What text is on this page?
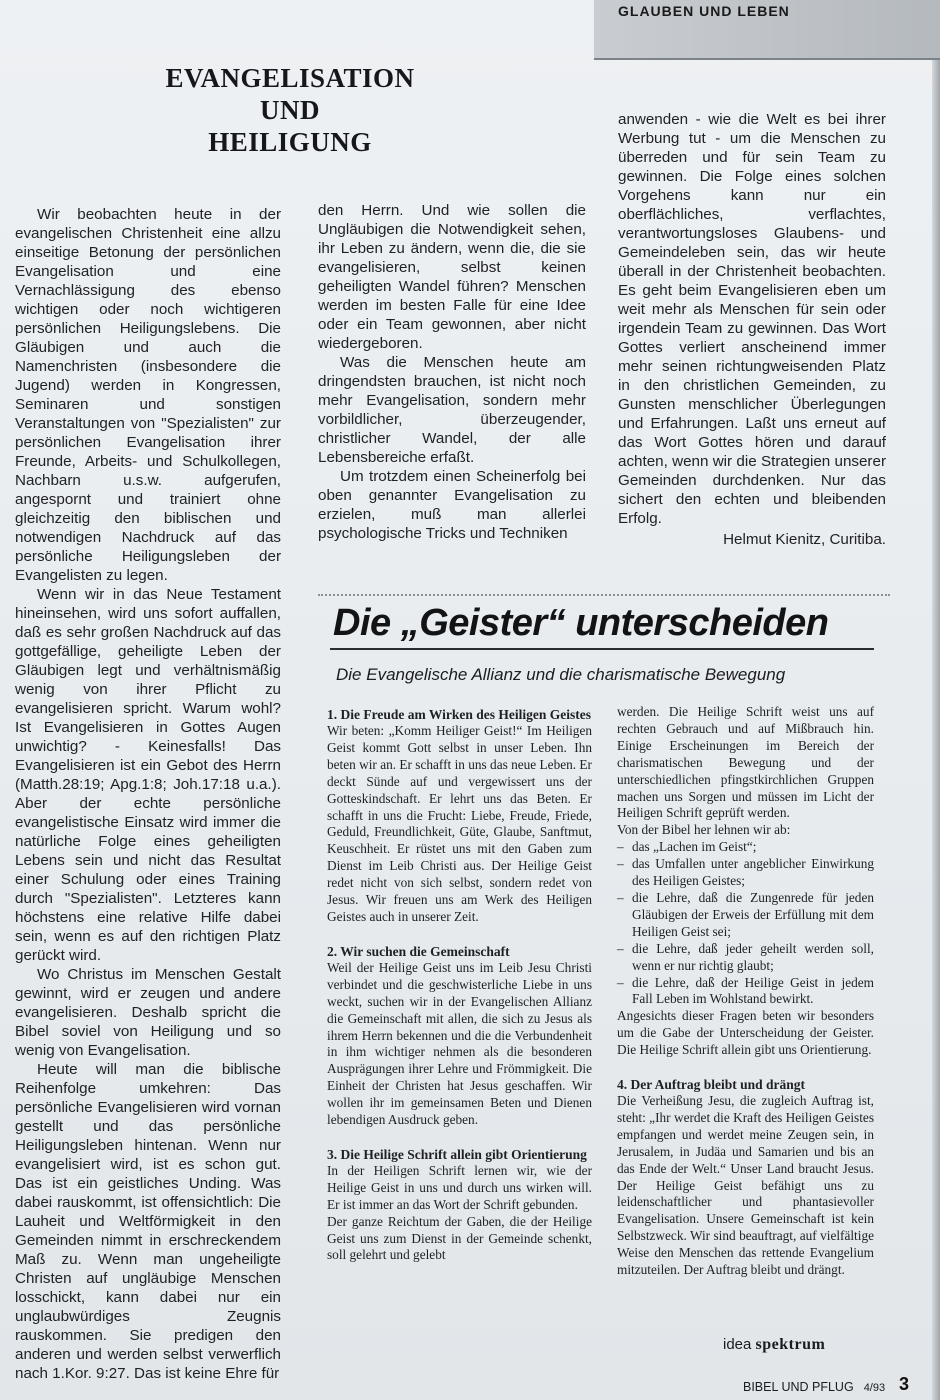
GLAUBEN UND LEBEN
EVANGELISATION
UND
HEILIGUNG

Wir beobachten heute in der evangelischen Christenheit eine allzu einseitige Betonung der persönlichen Evangelisation und eine Vernachlässigung des ebenso wichtigen oder noch wichtigeren persönlichen Heiligungslebens. Die Gläubigen und auch die Namenchristen (insbesondere die Jugend) werden in Kongressen, Seminaren und sonstigen Veranstaltungen von "Spezialisten" zur persönlichen Evangelisation ihrer Freunde, Arbeits- und Schulkollegen, Nachbarn u.s.w. aufgerufen, angespornt und trainiert ohne gleichzeitig den biblischen und notwendigen Nachdruck auf das persönliche Heiligungsleben der Evangelisten zu legen.

Wenn wir in das Neue Testament hineinsehen, wird uns sofort auffallen, daß es sehr großen Nachdruck auf das gottgefällige, geheiligte Leben der Gläubigen legt und verhältnismäßig wenig von ihrer Pflicht zu evangelisieren spricht. Warum wohl? Ist Evangelisieren in Gottes Augen unwichtig? - Keinesfalls! Das Evangelisieren ist ein Gebot des Herrn (Matth.28:19; Apg.1:8; Joh.17:18 u.a.). Aber der echte persönliche evangelistische Einsatz wird immer die natürliche Folge eines geheiligten Lebens sein und nicht das Resultat einer Schulung oder eines Training durch "Spezialisten". Letzteres kann höchstens eine relative Hilfe dabei sein, wenn es auf den richtigen Platz gerückt wird.

Wo Christus im Menschen Gestalt gewinnt, wird er zeugen und andere evangelisieren. Deshalb spricht die Bibel soviel von Heiligung und so wenig von Evangelisation.

Heute will man die biblische Reihenfolge umkehren: Das persönliche Evangelisieren wird vornan gestellt und das persönliche Heiligungsleben hintenan. Wenn nur evangelisiert wird, ist es schon gut. Das ist ein geistliches Unding. Was dabei rauskommt, ist offensichtlich: Die Lauheit und Weltförmigkeit in den Gemeinden nimmt in erschreckendem Maß zu. Wenn man ungeheiligte Christen auf ungläubige Menschen losschickt, kann dabei nur ein unglaubwürdiges Zeugnis rauskommen. Sie predigen den anderen und werden selbst verwerflich nach 1.Kor. 9:27. Das ist keine Ehre für

den Herrn. Und wie sollen die Ungläubigen die Notwendigkeit sehen, ihr Leben zu ändern, wenn die, die sie evangelisieren, selbst keinen geheiligten Wandel führen? Menschen werden im besten Falle für eine Idee oder ein Team gewonnen, aber nicht wiedergeboren.

Was die Menschen heute am dringendsten brauchen, ist nicht noch mehr Evangelisation, sondern mehr vorbildlicher, überzeugender, christlicher Wandel, der alle Lebensbereiche erfaßt.

Um trotzdem einen Scheinerfolg bei oben genannter Evangelisation zu erzielen, muß man allerlei psychologische Tricks und Techniken

anwenden - wie die Welt es bei ihrer Werbung tut - um die Menschen zu überreden und für sein Team zu gewinnen. Die Folge eines solchen Vorgehens kann nur ein oberflächliches, verflachtes, verantwortungsloses Glaubens- und Gemeindeleben sein, das wir heute überall in der Christenheit beobachten. Es geht beim Evangelisieren eben um weit mehr als Menschen für sein oder irgendein Team zu gewinnen. Das Wort Gottes verliert anscheinend immer mehr seinen richtungweisenden Platz in den christlichen Gemeinden, zu Gunsten menschlicher Überlegungen und Erfahrungen. Laßt uns erneut auf das Wort Gottes hören und darauf achten, wenn wir die Strategien unserer Gemeinden durchdenken. Nur das sichert den echten und bleibenden Erfolg.

Helmut Kienitz, Curitiba.
Die „Geister“ unterscheiden
Die Evangelische Allianz und die charismatische Bewegung
1. Die Freude am Wirken des Heiligen Geistes

Wir beten: „Komm Heiliger Geist!“ Im Heiligen Geist kommt Gott selbst in unser Leben. Ihn beten wir an. Er schafft in uns das neue Leben. Er deckt Sünde auf und vergewissert uns der Gotteskindschaft. Er lehrt uns das Beten. Er schafft in uns die Frucht: Liebe, Freude, Friede, Geduld, Freundlichkeit, Güte, Glaube, Sanftmut, Keuschheit. Er rüstet uns mit den Gaben zum Dienst im Leib Christi aus. Der Heilige Geist redet nicht von sich selbst, sondern redet von Jesus. Wir freuen uns am Werk des Heiligen Geistes auch in unserer Zeit.

2. Wir suchen die Gemeinschaft

Weil der Heilige Geist uns im Leib Jesu Christi verbindet und die geschwisterliche Liebe in uns weckt, suchen wir in der Evangelischen Allianz die Gemeinschaft mit allen, die sich zu Jesus als ihrem Herrn bekennen und die die Verbundenheit in ihm wichtiger nehmen als die besonderen Ausprägungen ihrer Lehre und Frömmigkeit. Die Einheit der Christen hat Jesus geschaffen. Wir wollen ihr im gemeinsamen Beten und Dienen lebendigen Ausdruck geben.

3. Die Heilige Schrift allein gibt Orientierung

In der Heiligen Schrift lernen wir, wie der Heilige Geist in uns und durch uns wirken will. Er ist immer an das Wort der Schrift gebunden.

Der ganze Reichtum der Gaben, die der Heilige Geist uns zum Dienst in der Gemeinde schenkt, soll gelehrt und gelebt

werden. Die Heilige Schrift weist uns auf rechten Gebrauch und auf Mißbrauch hin. Einige Erscheinungen im Bereich der charismatischen Bewegung und der unterschiedlichen pfingstkirchlichen Gruppen machen uns Sorgen und müssen im Licht der Heiligen Schrift geprüft werden.

Von der Bibel her lehnen wir ab:

– das „Lachen im Geist“;
– das Umfallen unter angeblicher Einwirkung des Heiligen Geistes;
– die Lehre, daß die Zungenrede für jeden Gläubigen der Erweis der Erfüllung mit dem Heiligen Geist sei;
– die Lehre, daß jeder geheilt werden soll, wenn er nur richtig glaubt;
– die Lehre, daß der Heilige Geist in jedem Fall Leben im Wohlstand bewirkt.

Angesichts dieser Fragen beten wir besonders um die Gabe der Unterscheidung der Geister. Die Heilige Schrift allein gibt uns Orientierung.

4. Der Auftrag bleibt und drängt

Die Verheißung Jesu, die zugleich Auftrag ist, steht: „Ihr werdet die Kraft des Heiligen Geistes empfangen und werdet meine Zeugen sein, in Jerusalem, in Judäa und Samarien und bis an das Ende der Welt.“ Unser Land braucht Jesus. Der Heilige Geist befähigt uns zu leidenschaftlicher und phantasievoller Evangelisation. Unsere Gemeinschaft ist kein Selbstzweck. Wir sind beauftragt, auf vielfältige Weise den Menschen das rettende Evangelium mitzuteilen. Der Auftrag bleibt und drängt.

idea spektrum
BIBEL UND PFLUG 4/93 3
